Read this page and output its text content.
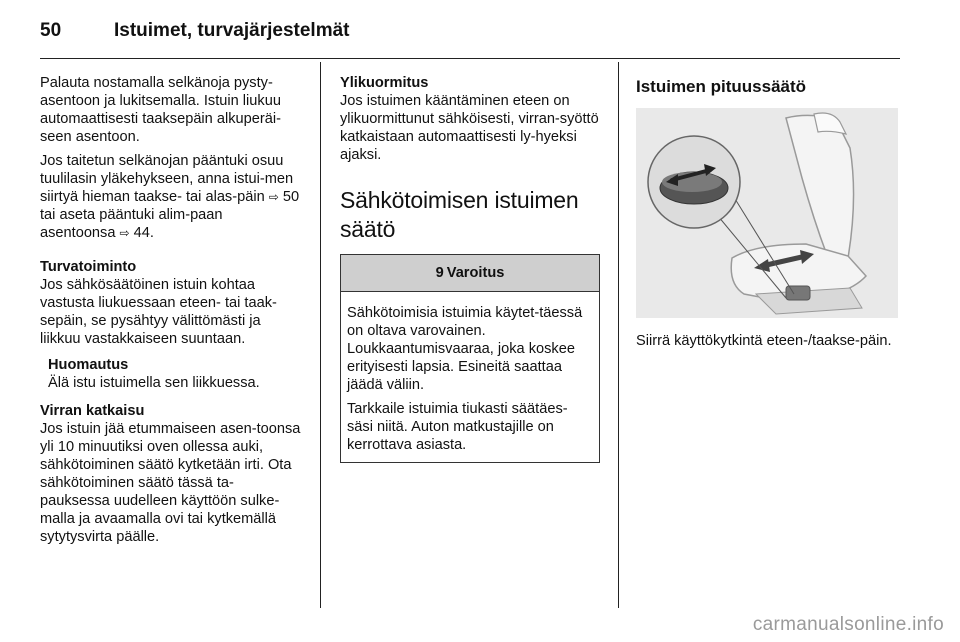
50	Istuimet, turvajärjestelmät

Palauta nostamalla selkänoja pysty-asentoon ja lukitsemalla. Istuin liukuu automaattisesti taaksepäin alkuperäi-seen asentoon.

Jos taitetun selkänojan pääntuki osuu tuulilasin yläkehykseen, anna istui-men siirtyä hieman taakse- tai alas-päin ⇨ 50 tai aseta pääntuki alim-paan asentoonsa ⇨ 44.

Turvatoiminto
Jos sähkösäätöinen istuin kohtaa vastusta liukuessaan eteen- tai taak-sepäin, se pysähtyy välittömästi ja liikkuu vastakkaiseen suuntaan.

Huomautus
Älä istu istuimella sen liikkuessa.

Virran katkaisu
Jos istuin jää etummaiseen asen-toonsa yli 10 minuutiksi oven ollessa auki, sähkötoiminen säätö kytketään irti. Ota sähkötoiminen säätö tässä ta-pauksessa uudelleen käyttöön sulke-malla ja avaamalla ovi tai kytkemällä sytytysvirta päälle.

Ylikuormitus
Jos istuimen kääntäminen eteen on ylikuormittunut sähköisesti, virran-syöttö katkaistaan automaattisesti ly-hyeksi ajaksi.

Sähkötoimisen istuimen säätö
9 Varoitus

Sähkötoimisia istuimia käytet-täessä on oltava varovainen. Loukkaantumisvaaraa, joka koskee erityisesti lapsia. Esineitä saattaa jäädä väliin.

Tarkkaile istuimia tiukasti säätäes-säsi niitä. Auton matkustajille on kerrottava asiasta.

Istuimen pituussäätö

Siirrä käyttökytkintä eteen-/taakse-päin.

carmanualsonline.info
